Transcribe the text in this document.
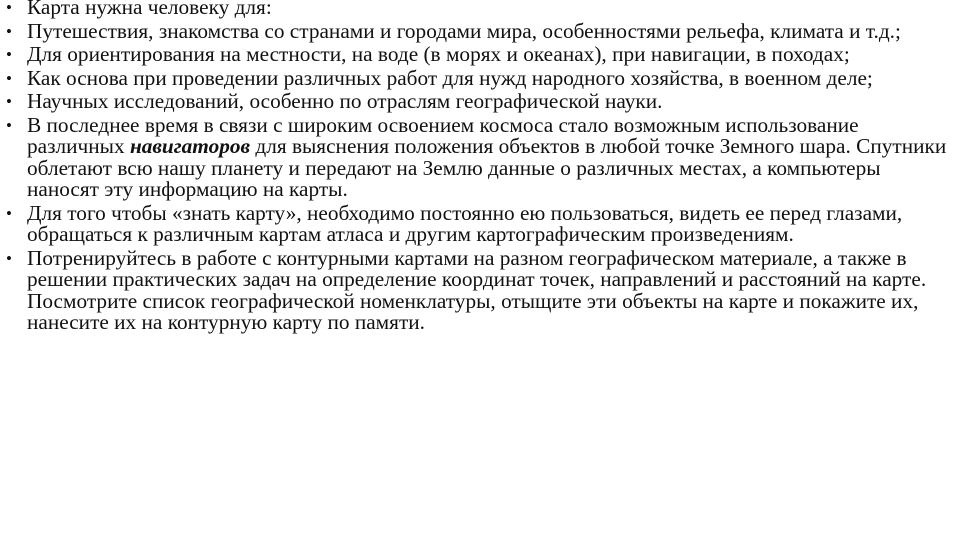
• Карта нужна человеку для:
• Путешествия, знакомства со странами и городами мира, особенностями рельефа, климата и т.д.;
• Для ориентирования на местности, на воде (в морях и океанах), при навигации, в походах;
• Как основа при проведении различных работ для нужд народного хозяйства, в военном деле;
• Научных исследований, особенно по отраслям географической науки.
• В последнее время в связи с широким освоением космоса стало возможным использование различных навигаторов для выяснения положения объектов в любой точке Земного шара. Спутники облетают всю нашу планету и передают на Землю данные о различных местах, а компьютеры наносят эту информацию на карты.
• Для того чтобы «знать карту», необходимо постоянно ею пользоваться, видеть ее перед глазами, обращаться к различным картам атласа и другим картографическим произведениям.
• Потренируйтесь в работе с контурными картами на разном географическом материале, а также в решении практических задач на определение координат точек, направлений и расстояний на карте. Посмотрите список географической номенклатуры, отыщите эти объекты на карте и покажите их, нанесите их на контурную карту по памяти.
